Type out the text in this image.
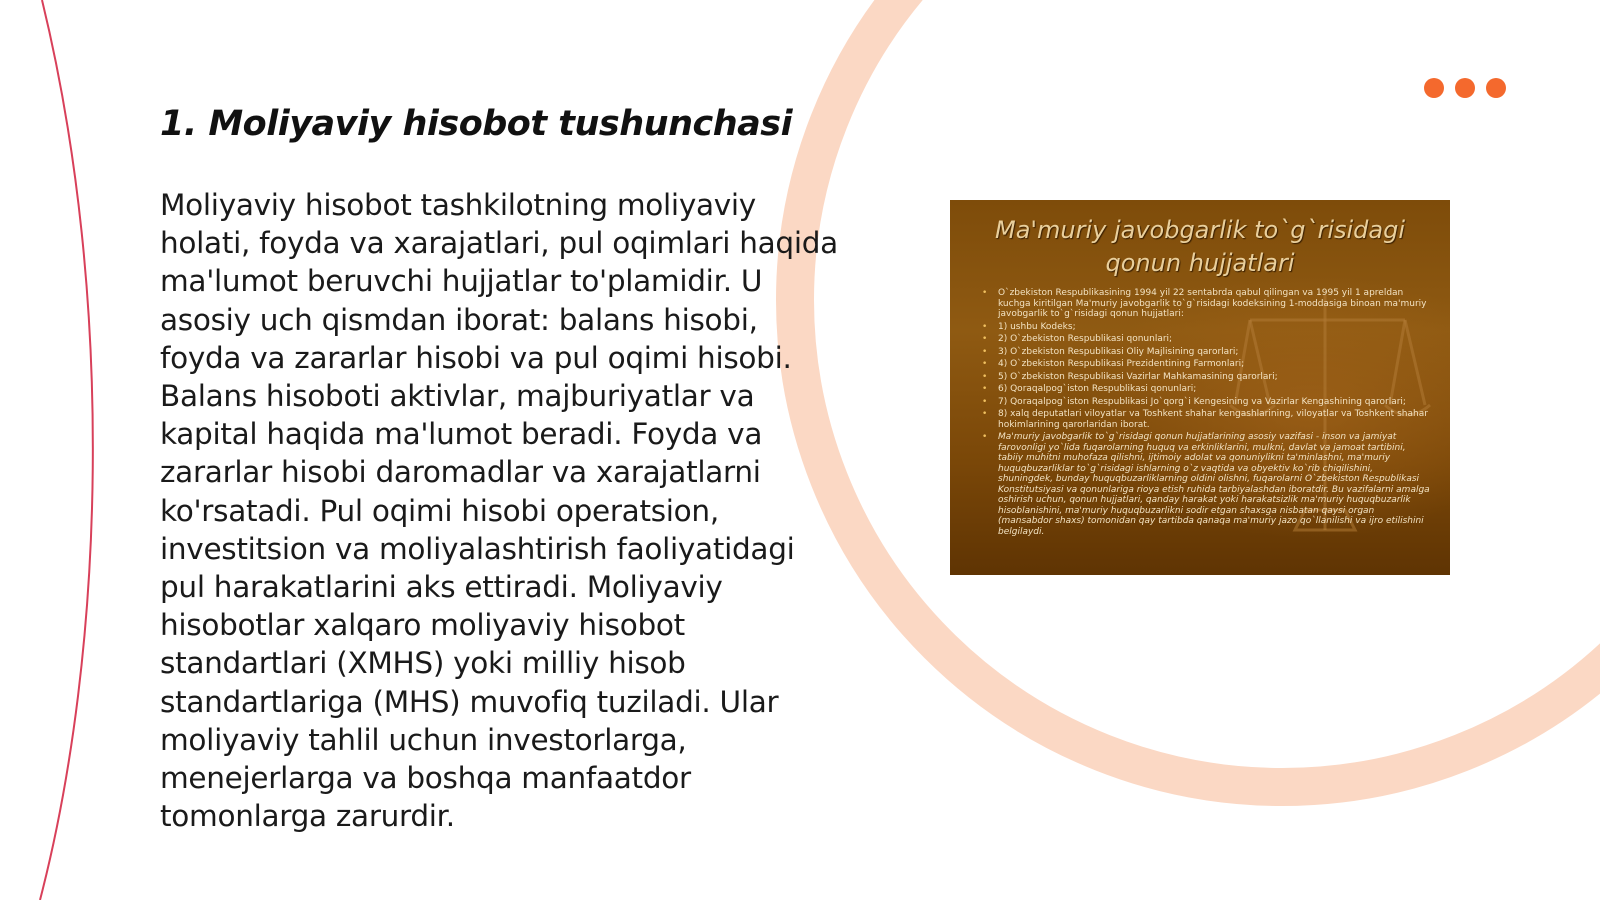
1. Moliyaviy hisobot tushunchasi

Moliyaviy hisobot tashkilotning moliyaviy holati, foyda va xarajatlari, pul oqimlari haqida ma'lumot beruvchi hujjatlar to'plamidir. U asosiy uch qismdan iborat: balans hisobi, foyda va zararlar hisobi va pul oqimi hisobi. Balans hisoboti aktivlar, majburiyatlar va kapital haqida ma'lumot beradi. Foyda va zararlar hisobi daromadlar va xarajatlarni ko'rsatadi. Pul oqimi hisobi operatsion, investitsion va moliyalashtirish faoliyatidagi pul harakatlarini aks ettiradi. Moliyaviy hisobotlar xalqaro moliyaviy hisobot standartlari (XMHS) yoki milliy hisob standartlariga (MHS) muvofiq tuziladi. Ular moliyaviy tahlil uchun investorlarga, menejerlarga va boshqa manfaatdor tomonlarga zarurdir.

Ma'muriy javobgarlik to`g`risidagi qonun hujjatlari
• O`zbekiston Respublikasining 1994 yil 22 sentabrda qabul qilingan va 1995 yil 1 apreldan kuchga kiritilgan Ma'muriy javobgarlik to`g`risidagi kodeksining 1-moddasiga binoan ma'muriy javobgarlik to`g`risidagi qonun hujjatlari:
• 1) ushbu Kodeks;
• 2) O`zbekiston Respublikasi qonunlari;
• 3) O`zbekiston Respublikasi Oliy Majlisining qarorlari;
• 4) O`zbekiston Respublikasi Prezidentining Farmonlari;
• 5) O`zbekiston Respublikasi Vazirlar Mahkamasining qarorlari;
• 6) Qoraqalpog`iston Respublikasi qonunlari;
• 7) Qoraqalpog`iston Respublikasi Jo`qorg`i Kengesining va Vazirlar Kengashining qarorlari;
• 8) xalq deputatlari viloyatlar va Toshkent shahar kengashlarining, viloyatlar va Toshkent shahar hokimlarining qarorlaridan iborat.
• Ma'muriy javobgarlik to`g`risidagi qonun hujjatlarining asosiy vazifasi - inson va jamiyat farovonligi yo`lida fuqarolarning huquq va erkinliklarini, mulkni, davlat va jamoat tartibini, tabiiy muhitni muhofaza qilishni, ijtimoiy adolat va qonuniylikni ta'minlashni, ma'muriy huquqbuzarliklar to`g`risidagi ishlarning o`z vaqtida va obyektiv ko`rib chiqilishini, shuningdek, bunday huquqbuzarliklarning oldini olishni, fuqarolarni O`zbekiston Respublikasi Konstitutsiyasi va qonunlariga rioya etish ruhida tarbiyalashdan iboratdir. Bu vazifalarni amalga oshirish uchun, qonun hujjatlari, qanday harakat yoki harakatsizlik ma'muriy huquqbuzarlik hisoblanishini, ma'muriy huquqbuzarlikni sodir etgan shaxsga nisbatan qaysi organ (mansabdor shaxs) tomonidan qay tartibda qanaqa ma'muriy jazo qo`llanilishi va ijro etilishini belgilaydi.
